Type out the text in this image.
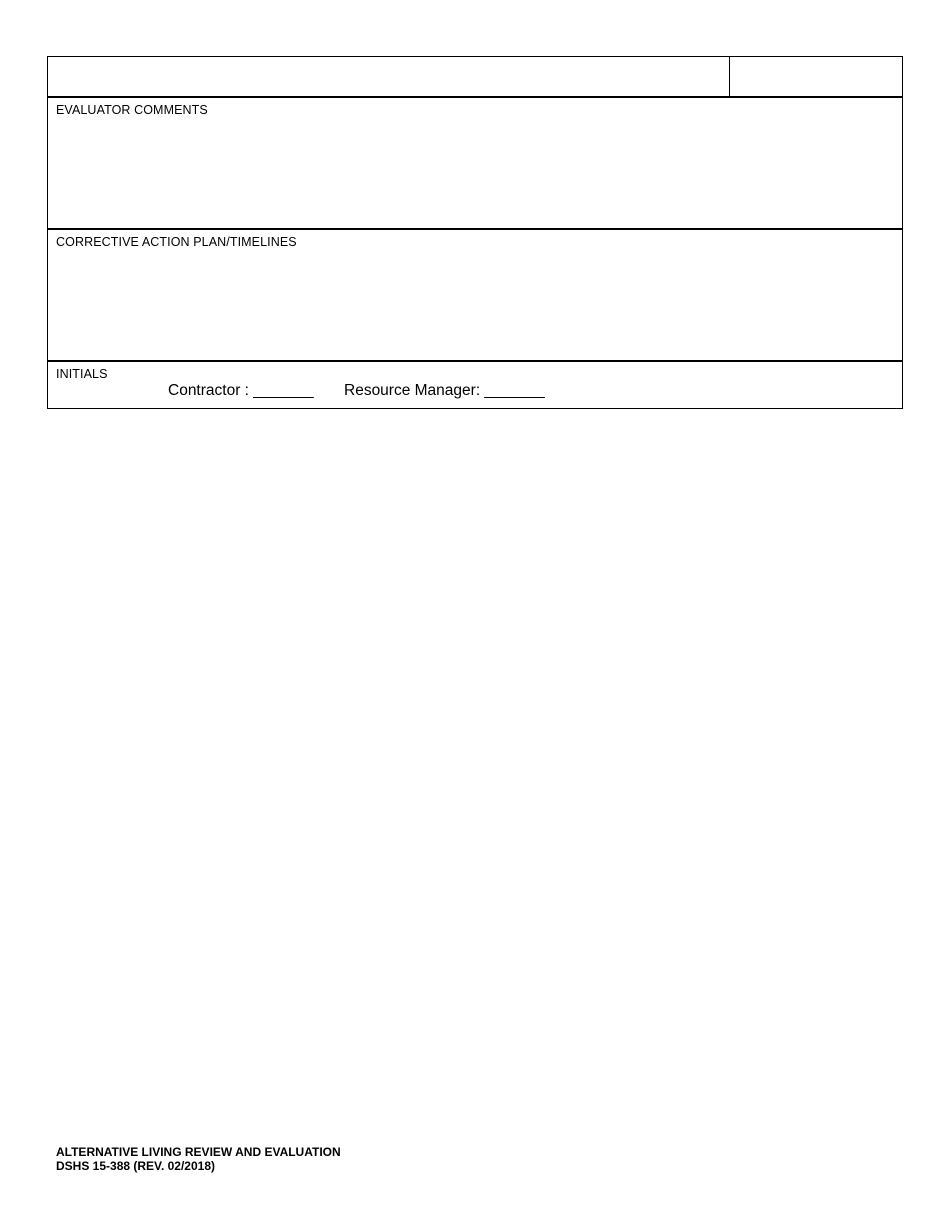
EVALUATOR COMMENTS
CORRECTIVE ACTION PLAN/TIMELINES
INITIALS
Contractor : _______ Resource Manager: _______
ALTERNATIVE LIVING REVIEW AND EVALUATION
DSHS 15-388 (REV. 02/2018)
